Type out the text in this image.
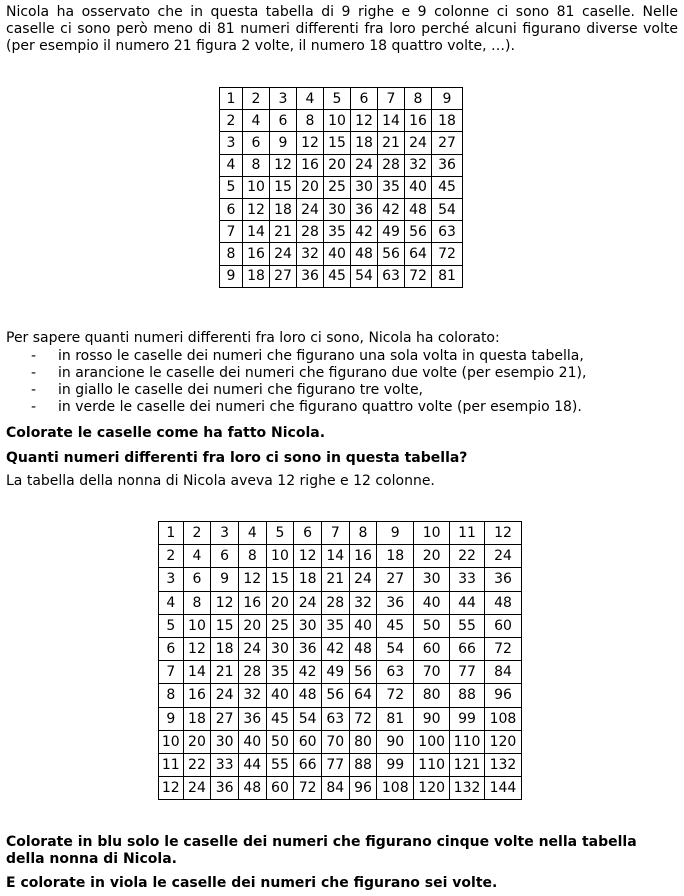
Nicola ha osservato che in questa tabella di 9 righe e 9 colonne ci sono 81 caselle. Nelle caselle ci sono però meno di 81 numeri differenti fra loro perché alcuni figurano diverse volte (per esempio il numero 21 figura 2 volte, il numero 18 quattro volte, …).

1	2	3	4	5	6	7	8	9
2	4	6	8	10	12	14	16	18
3	6	9	12	15	18	21	24	27
4	8	12	16	20	24	28	32	36
5	10	15	20	25	30	35	40	45
6	12	18	24	30	36	42	48	54
7	14	21	28	35	42	49	56	63
8	16	24	32	40	48	56	64	72
9	18	27	36	45	54	63	72	81

Per sapere quanti numeri differenti fra loro ci sono, Nicola ha colorato:

- in rosso le caselle dei numeri che figurano una sola volta in questa tabella,
- in arancione le caselle dei numeri che figurano due volte (per esempio 21),
- in giallo le caselle dei numeri che figurano tre volte,
- in verde le caselle dei numeri che figurano quattro volte (per esempio 18).

Colorate le caselle come ha fatto Nicola.

Quanti numeri differenti fra loro ci sono in questa tabella?

La tabella della nonna di Nicola aveva 12 righe e 12 colonne.

1	2	3	4	5	6	7	8	9	10	11	12
2	4	6	8	10	12	14	16	18	20	22	24
3	6	9	12	15	18	21	24	27	30	33	36
4	8	12	16	20	24	28	32	36	40	44	48
5	10	15	20	25	30	35	40	45	50	55	60
6	12	18	24	30	36	42	48	54	60	66	72
7	14	21	28	35	42	49	56	63	70	77	84
8	16	24	32	40	48	56	64	72	80	88	96
9	18	27	36	45	54	63	72	81	90	99	108
10	20	30	40	50	60	70	80	90	100	110	120
11	22	33	44	55	66	77	88	99	110	121	132
12	24	36	48	60	72	84	96	108	120	132	144

Colorate in blu solo le caselle dei numeri che figurano cinque volte nella tabella della nonna di Nicola.

E colorate in viola le caselle dei numeri che figurano sei volte.
